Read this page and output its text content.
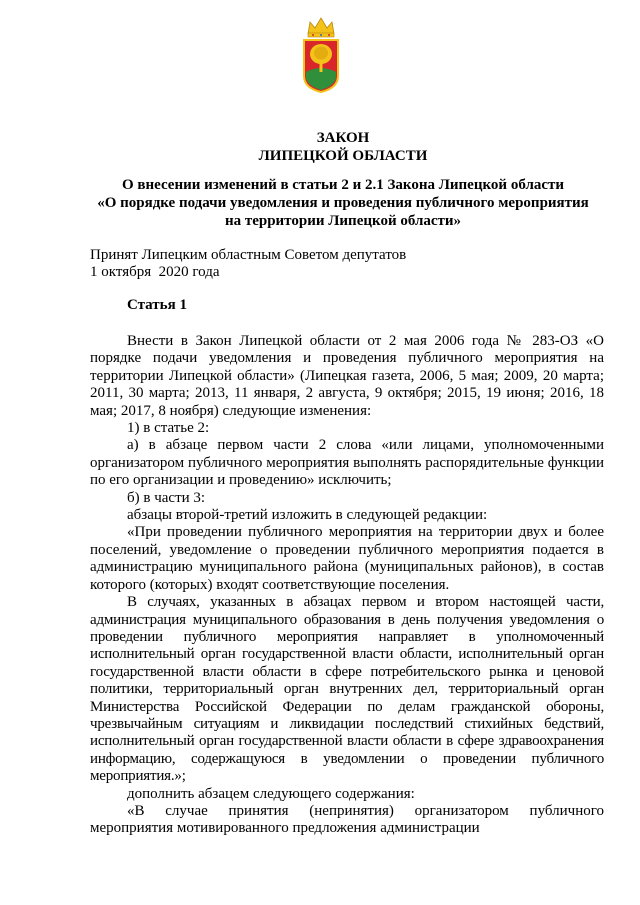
ЗАКОН
ЛИПЕЦКОЙ ОБЛАСТИ
О внесении изменений в статьи 2 и 2.1 Закона Липецкой области
«О порядке подачи уведомления и проведения публичного мероприятия
на территории Липецкой области»
Принят Липецким областным Советом депутатов
1 октября  2020 года
Статья 1

Внести в Закон Липецкой области от 2 мая 2006 года № 283-ОЗ «О порядке подачи уведомления и проведения публичного мероприятия на территории Липецкой области» (Липецкая газета, 2006, 5 мая; 2009, 20 марта; 2011, 30 марта; 2013, 11 января, 2 августа, 9 октября; 2015, 19 июня; 2016, 18 мая; 2017, 8 ноября) следующие изменения:

1) в статье 2:

а) в абзаце первом части 2 слова «или лицами, уполномоченными организатором публичного мероприятия выполнять распорядительные функции по его организации и проведению» исключить;

б) в части 3:

абзацы второй-третий изложить в следующей редакции:

«При проведении публичного мероприятия на территории двух и более поселений, уведомление о проведении публичного мероприятия подается в администрацию муниципального района (муниципальных районов), в состав которого (которых) входят соответствующие поселения.

В случаях, указанных в абзацах первом и втором настоящей части, администрация муниципального образования в день получения уведомления о проведении публичного мероприятия направляет в уполномоченный исполнительный орган государственной власти области, исполнительный орган государственной власти области в сфере потребительского рынка и ценовой политики, территориальный орган внутренних дел, территориальный орган Министерства Российской Федерации по делам гражданской обороны, чрезвычайным ситуациям и ликвидации последствий стихийных бедствий, исполнительный орган государственной власти области в сфере здравоохранения информацию, содержащуюся в уведомлении о проведении публичного мероприятия.»;

дополнить абзацем следующего содержания:

«В случае принятия (непринятия) организатором публичного мероприятия мотивированного предложения администрации
